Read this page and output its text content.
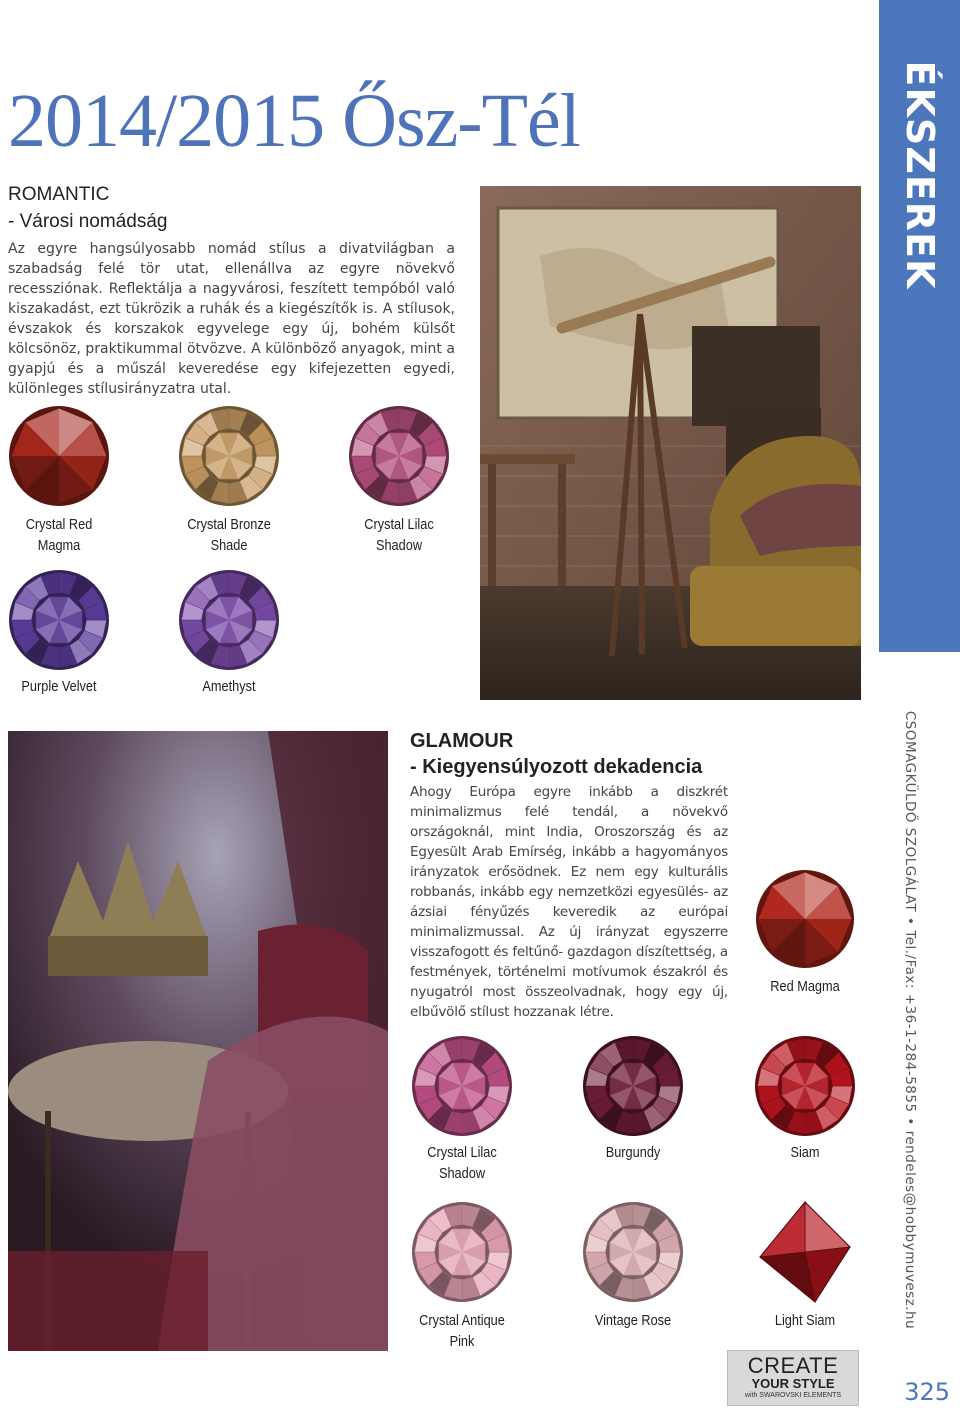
2014/2015 Ősz-Tél	ÉKSZEREK
ROMANTIC
- Városi nomádság

Az egyre hangsúlyosabb nomád stílus a divatvilágban a szabadság felé tör utat, ellenállva az egyre növekvő recessziónak. Reflektálja a nagyvárosi, feszített tempóból való kiszakadást, ezt tükrözik a ruhák és a kiegészítők is. A stílusok, évszakok és korszakok egyvelege egy új, bohém külsőt kölcsönöz, praktikummal ötvözve. A különböző anyagok, mint a gyapjú és a műszál keveredése egy kifejezetten egyedi, különleges stílusirányzatra utal.

Crystal Red Magma
Crystal Bronze
Shade
Crystal Lilac
Shadow
Purple Velvet	Amethyst
GLAMOUR
- Kiegyensúlyozott dekadencia

Ahogy Európa egyre inkább a diszkrét minimalizmus felé tendál, a növekvő országoknál, mint India, Oroszország és az Egyesült Arab Emírség, inkább a hagyományos irányzatok erősödnek. Ez nem egy kulturális robbanás, inkább egy nemzetközi egyesülés- az ázsiai fényűzés keveredik az európai minimalizmussal. Az új irányzat egyszerre visszafogott és feltűnő- gazdagon díszítettség, a festmények, történelmi motívumok északról és nyugatról most összeolvadnak, hogy egy új, elbűvölő stílust hozzanak létre.

Red Magma
Crystal Lilac
Shadow
Burgundy	Siam
Crystal Antique
Pink
Vintage Rose	Light Siam	CSOMAGKÜLDŐ SZOLGÁLAT • Tel./Fax: +36-1-284-5855 • rendeles@hobbymuvesz.hu
CREATE
YOUR STYLE
with SWAROVSKI ELEMENTS	325
